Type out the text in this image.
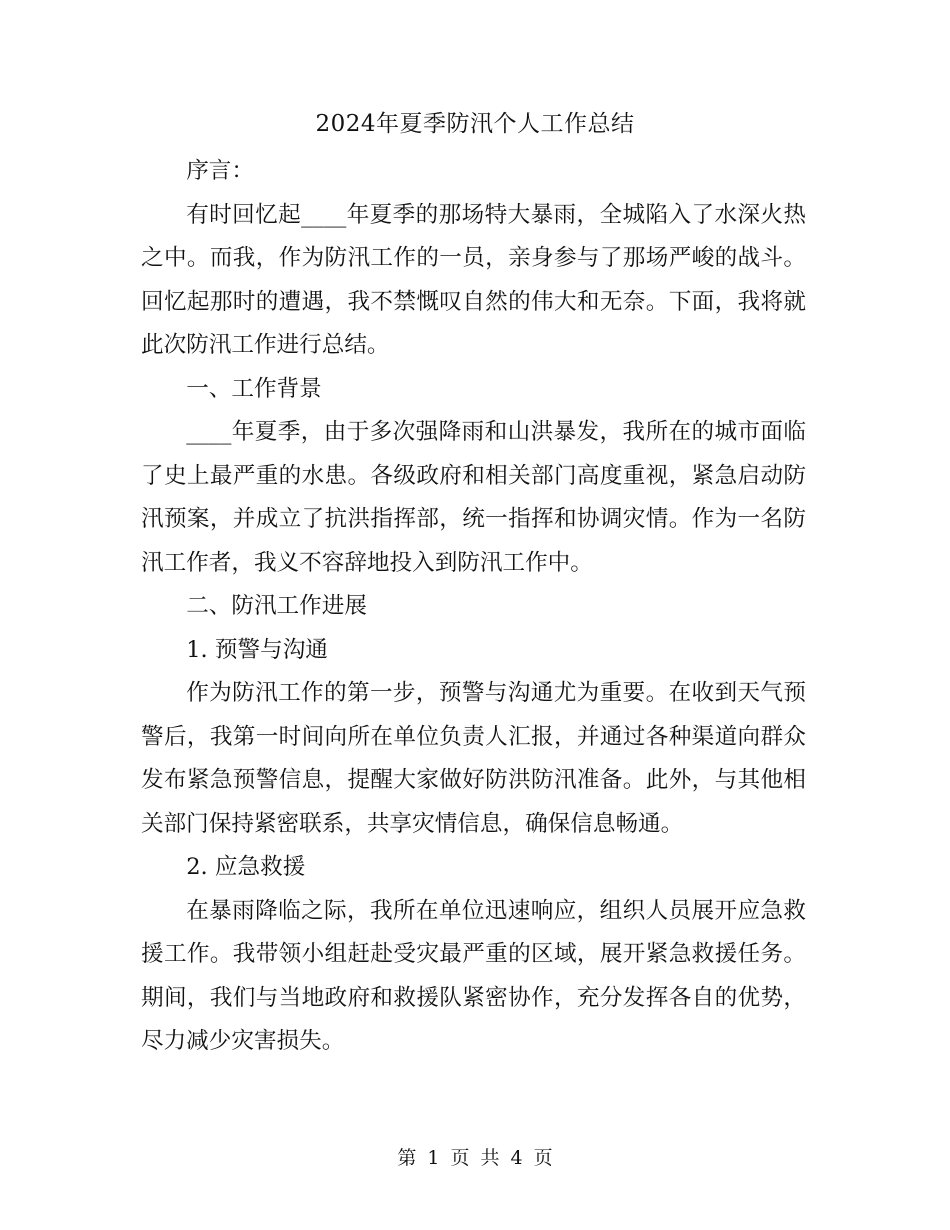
2024年夏季防汛个人工作总结

序言：

有时回忆起____年夏季的那场特大暴雨，全城陷入了水深火热之中。而我，作为防汛工作的一员，亲身参与了那场严峻的战斗。回忆起那时的遭遇，我不禁慨叹自然的伟大和无奈。下面，我将就此次防汛工作进行总结。

一、工作背景

____年夏季，由于多次强降雨和山洪暴发，我所在的城市面临了史上最严重的水患。各级政府和相关部门高度重视，紧急启动防汛预案，并成立了抗洪指挥部，统一指挥和协调灾情。作为一名防汛工作者，我义不容辞地投入到防汛工作中。

二、防汛工作进展

1. 预警与沟通

作为防汛工作的第一步，预警与沟通尤为重要。在收到天气预警后，我第一时间向所在单位负责人汇报，并通过各种渠道向群众发布紧急预警信息，提醒大家做好防洪防汛准备。此外，与其他相关部门保持紧密联系，共享灾情信息，确保信息畅通。

2. 应急救援

在暴雨降临之际，我所在单位迅速响应，组织人员展开应急救援工作。我带领小组赶赴受灾最严重的区域，展开紧急救援任务。期间，我们与当地政府和救援队紧密协作，充分发挥各自的优势，尽力减少灾害损失。

第 1 页 共 4 页
